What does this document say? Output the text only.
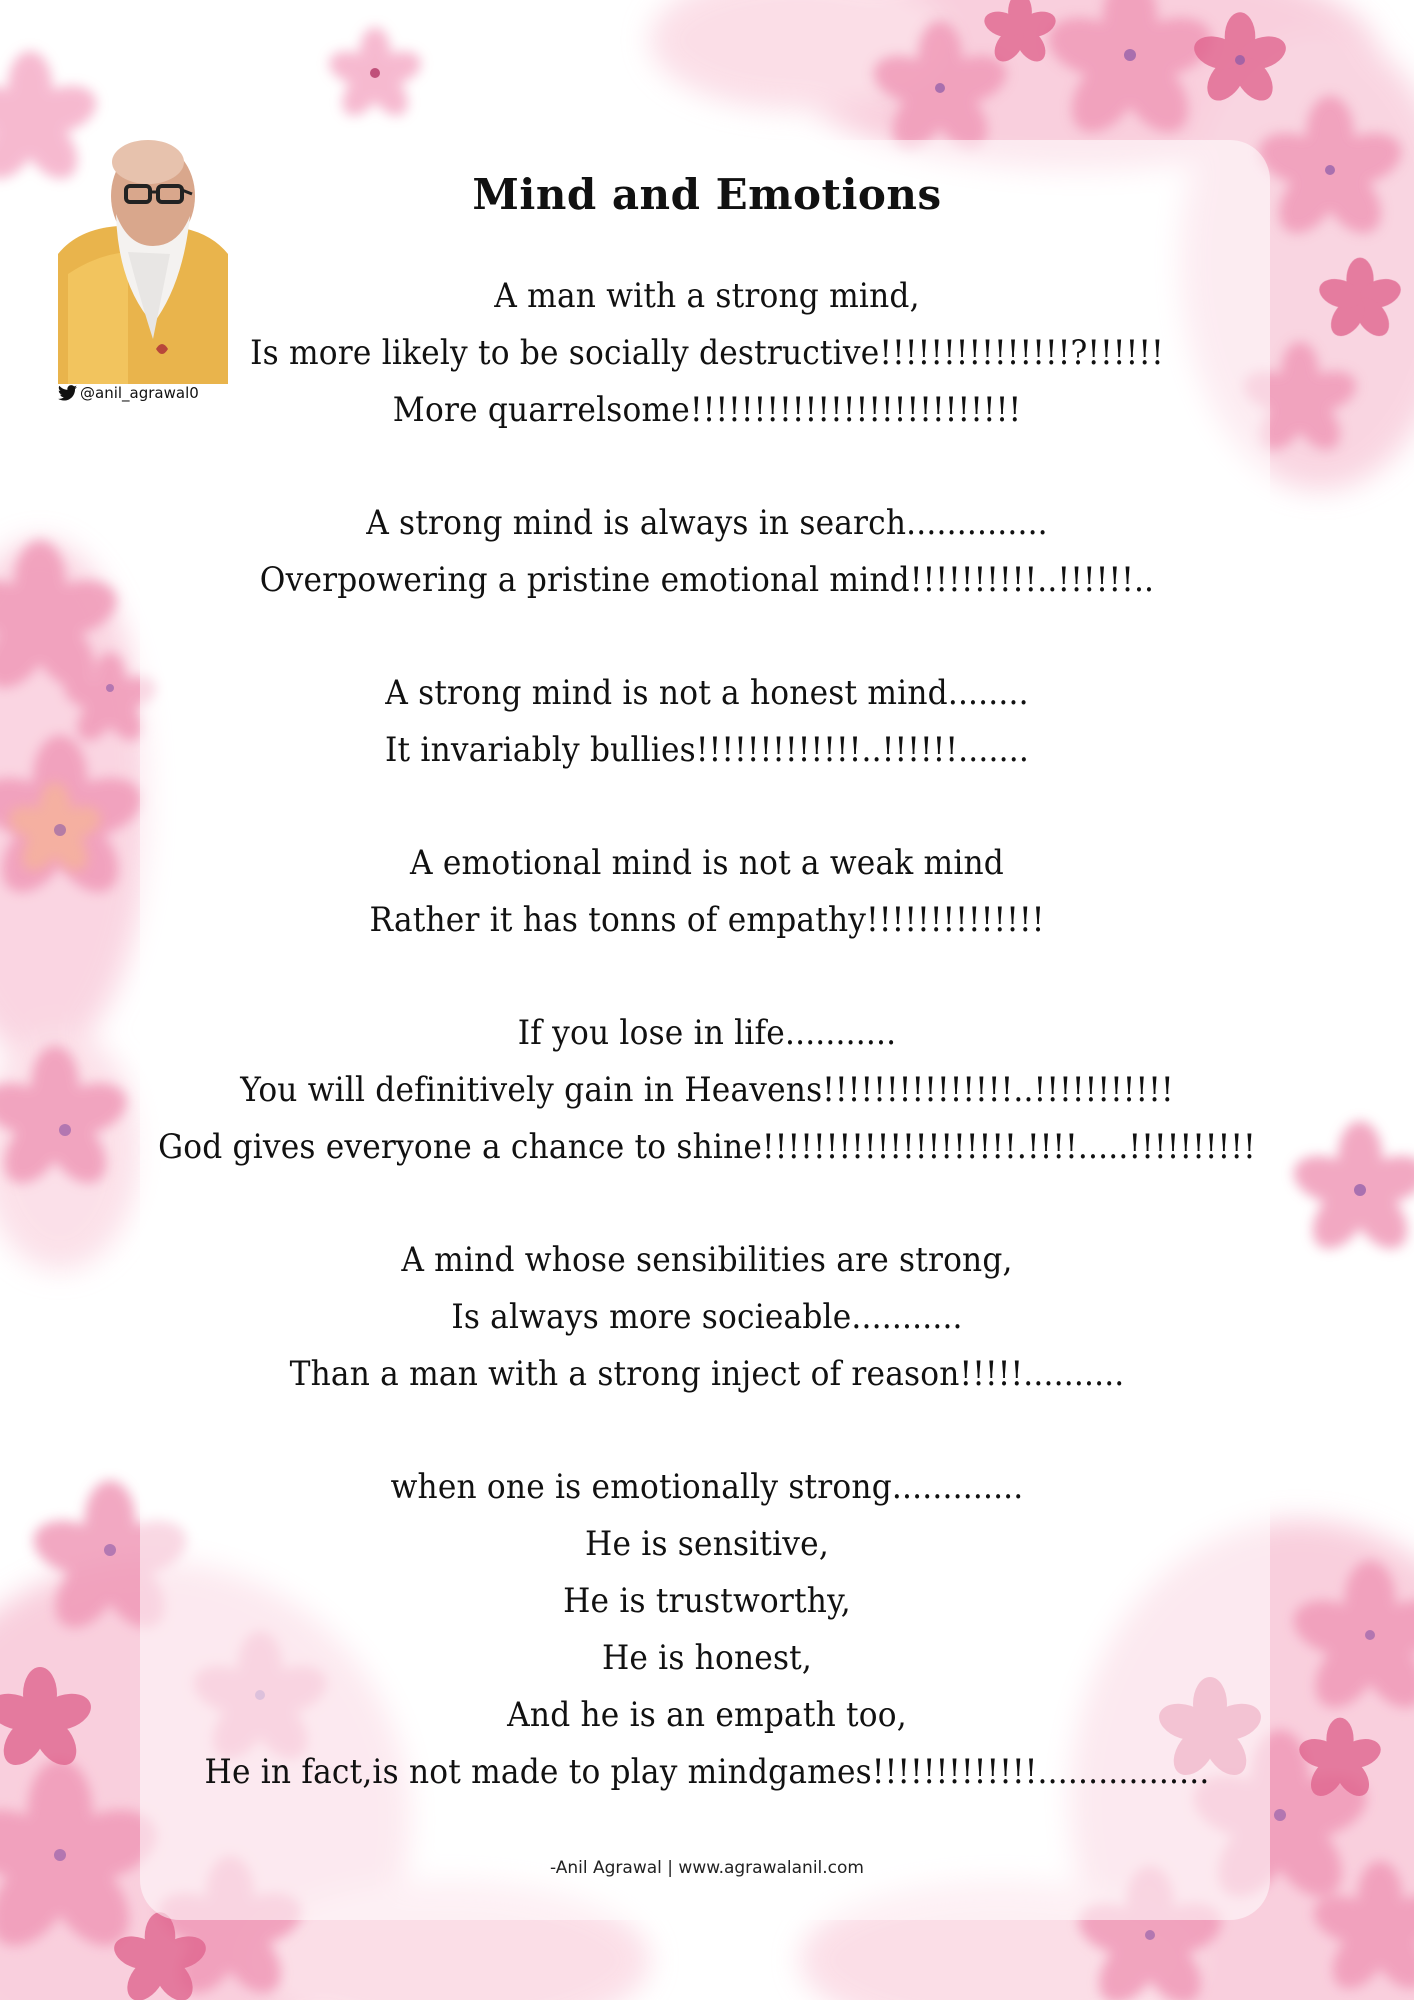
@anil_agrawal0
Mind and Emotions
A man with a strong mind,
Is more likely to be socially destructive!!!!!!!!!!!!!!!?!!!!!!
More quarrelsome!!!!!!!!!!!!!!!!!!!!!!!!!!
A strong mind is always in search..............
Overpowering a pristine emotional mind!!!!!!!!!!..!!!!!!..
A strong mind is not a honest mind........
It invariably bullies!!!!!!!!!!!!!..!!!!!!.......
A emotional mind is not a weak mind
Rather it has tonns of empathy!!!!!!!!!!!!!!
If you lose in life...........
You will definitively gain in Heavens!!!!!!!!!!!!!!!..!!!!!!!!!!!
God gives everyone a chance to shine!!!!!!!!!!!!!!!!!!!!.!!!!.....!!!!!!!!!!
A mind whose sensibilities are strong,
Is always more socieable...........
Than a man with a strong inject of reason!!!!!..........
when one is emotionally strong.............
He is sensitive,
He is trustworthy,
He is honest,
And he is an empath too,
He in fact,is not made to play mindgames!!!!!!!!!!!!!.................
-Anil Agrawal | www.agrawalanil.com
